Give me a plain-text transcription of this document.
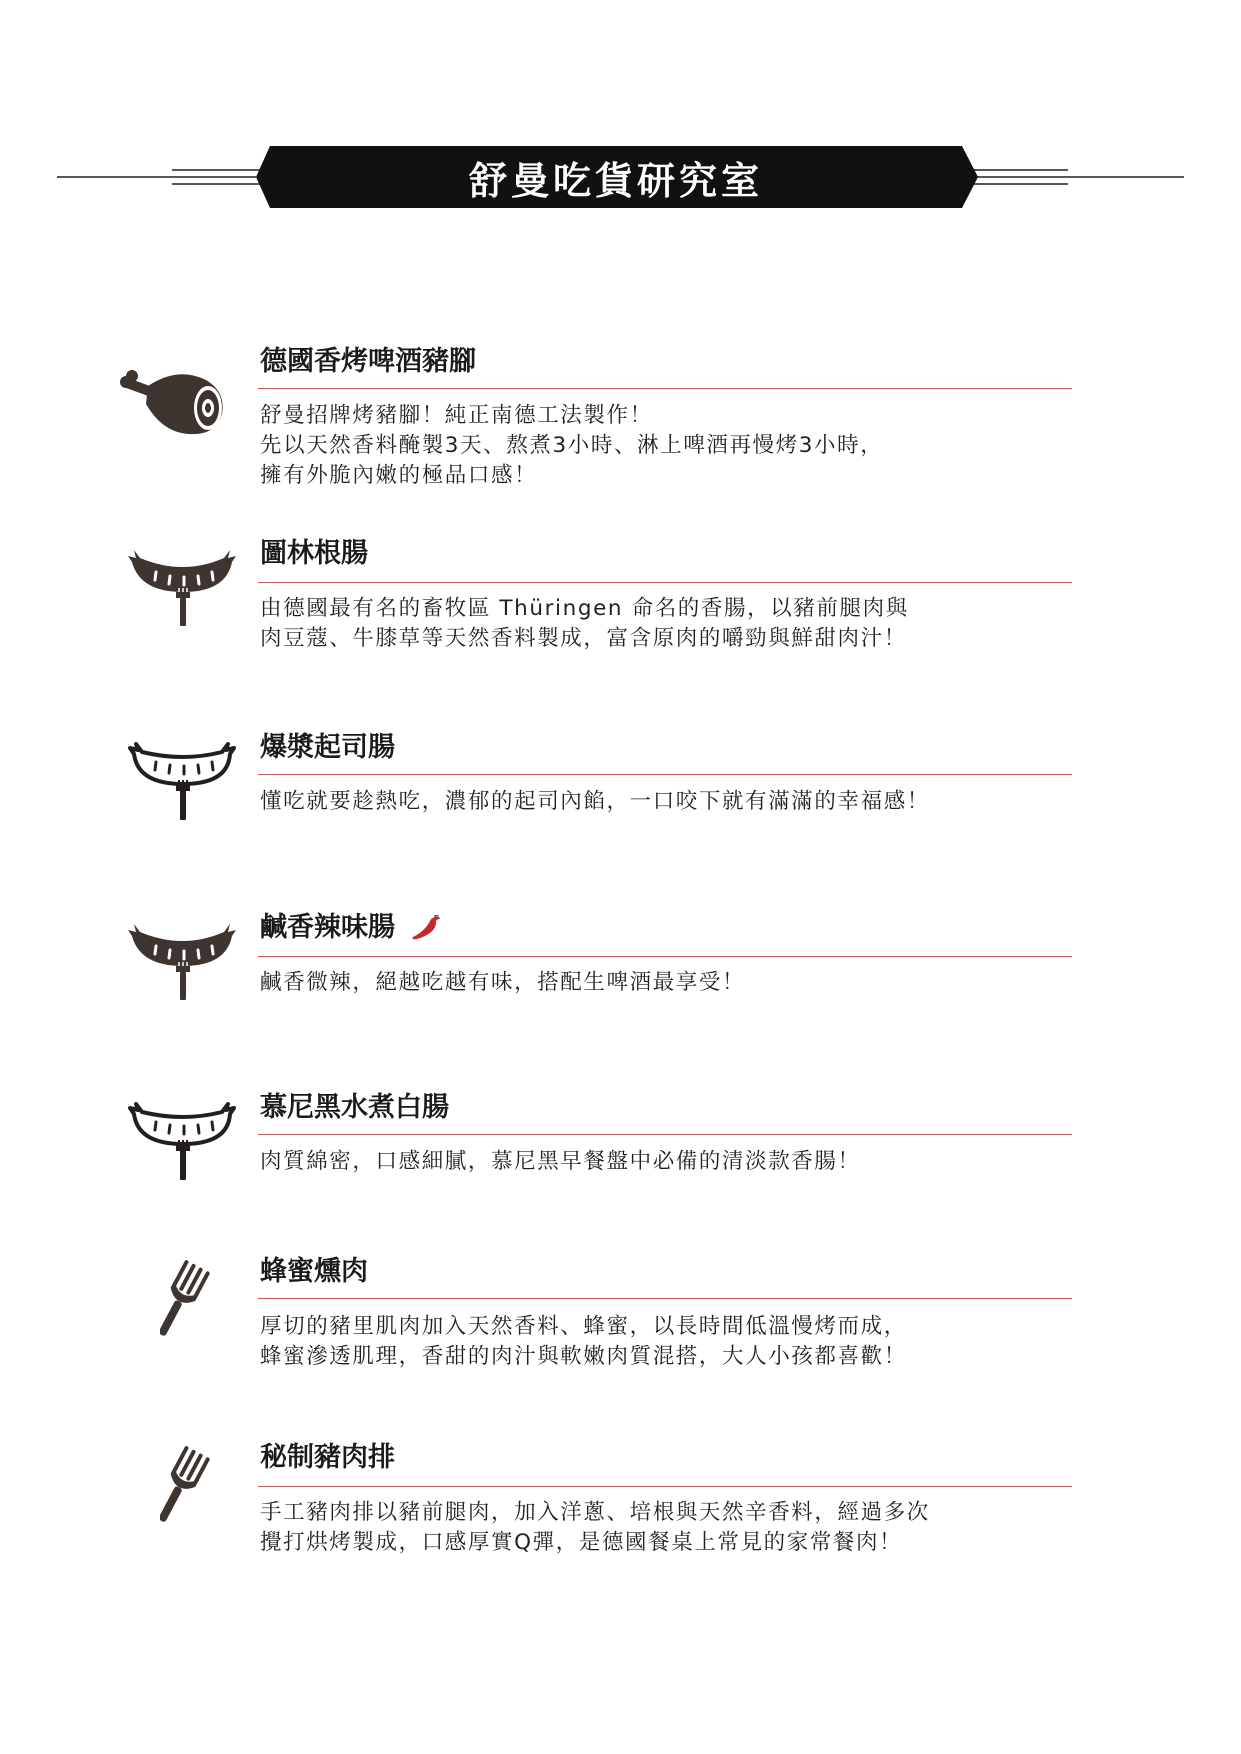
舒曼吃貨研究室
德國香烤啤酒豬腳
舒曼招牌烤豬腳！純正南德工法製作！
先以天然香料醃製3天、熬煮3小時、淋上啤酒再慢烤3小時，
擁有外脆內嫩的極品口感！
圖林根腸
由德國最有名的畜牧區 Thüringen 命名的香腸，以豬前腿肉與
肉豆蔻、牛膝草等天然香料製成，富含原肉的嚼勁與鮮甜肉汁！
爆漿起司腸
懂吃就要趁熱吃，濃郁的起司內餡，一口咬下就有滿滿的幸福感！
鹹香辣味腸
鹹香微辣，絕越吃越有味，搭配生啤酒最享受！
慕尼黑水煮白腸
肉質綿密，口感細膩，慕尼黑早餐盤中必備的清淡款香腸！
蜂蜜燻肉
厚切的豬里肌肉加入天然香料、蜂蜜，以長時間低溫慢烤而成，
蜂蜜滲透肌理，香甜的肉汁與軟嫩肉質混搭，大人小孩都喜歡！
秘制豬肉排
手工豬肉排以豬前腿肉，加入洋蔥、培根與天然辛香料，經過多次
攪打烘烤製成，口感厚實Q彈，是德國餐桌上常見的家常餐肉！
